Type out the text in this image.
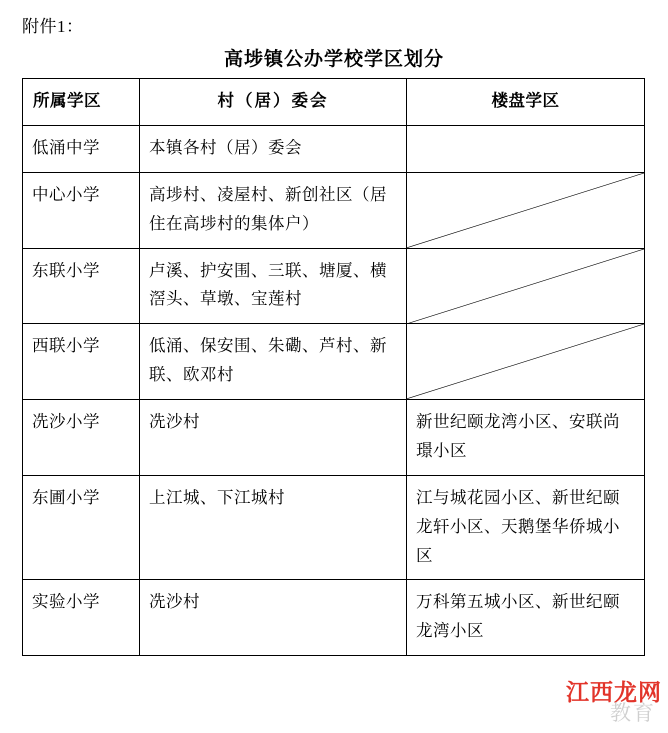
附件1：
高埗镇公办学校学区划分
所属学区	村（居）委会	楼盘学区
低涌中学	本镇各村（居）委会	
中心小学	高埗村、凌屋村、新创社区（居住在高埗村的集体户）	

东联小学	卢溪、护安围、三联、塘厦、横滘头、草墩、宝莲村	

西联小学	低涌、保安围、朱磡、芦村、新联、欧邓村	

冼沙小学	冼沙村	新世纪颐龙湾小区、安联尚璟小区
东圃小学	上江城、下江城村	江与城花园小区、新世纪颐龙轩小区、天鹅堡华侨城小区
实验小学	冼沙村	万科第五城小区、新世纪颐龙湾小区
江西龙网
教育
